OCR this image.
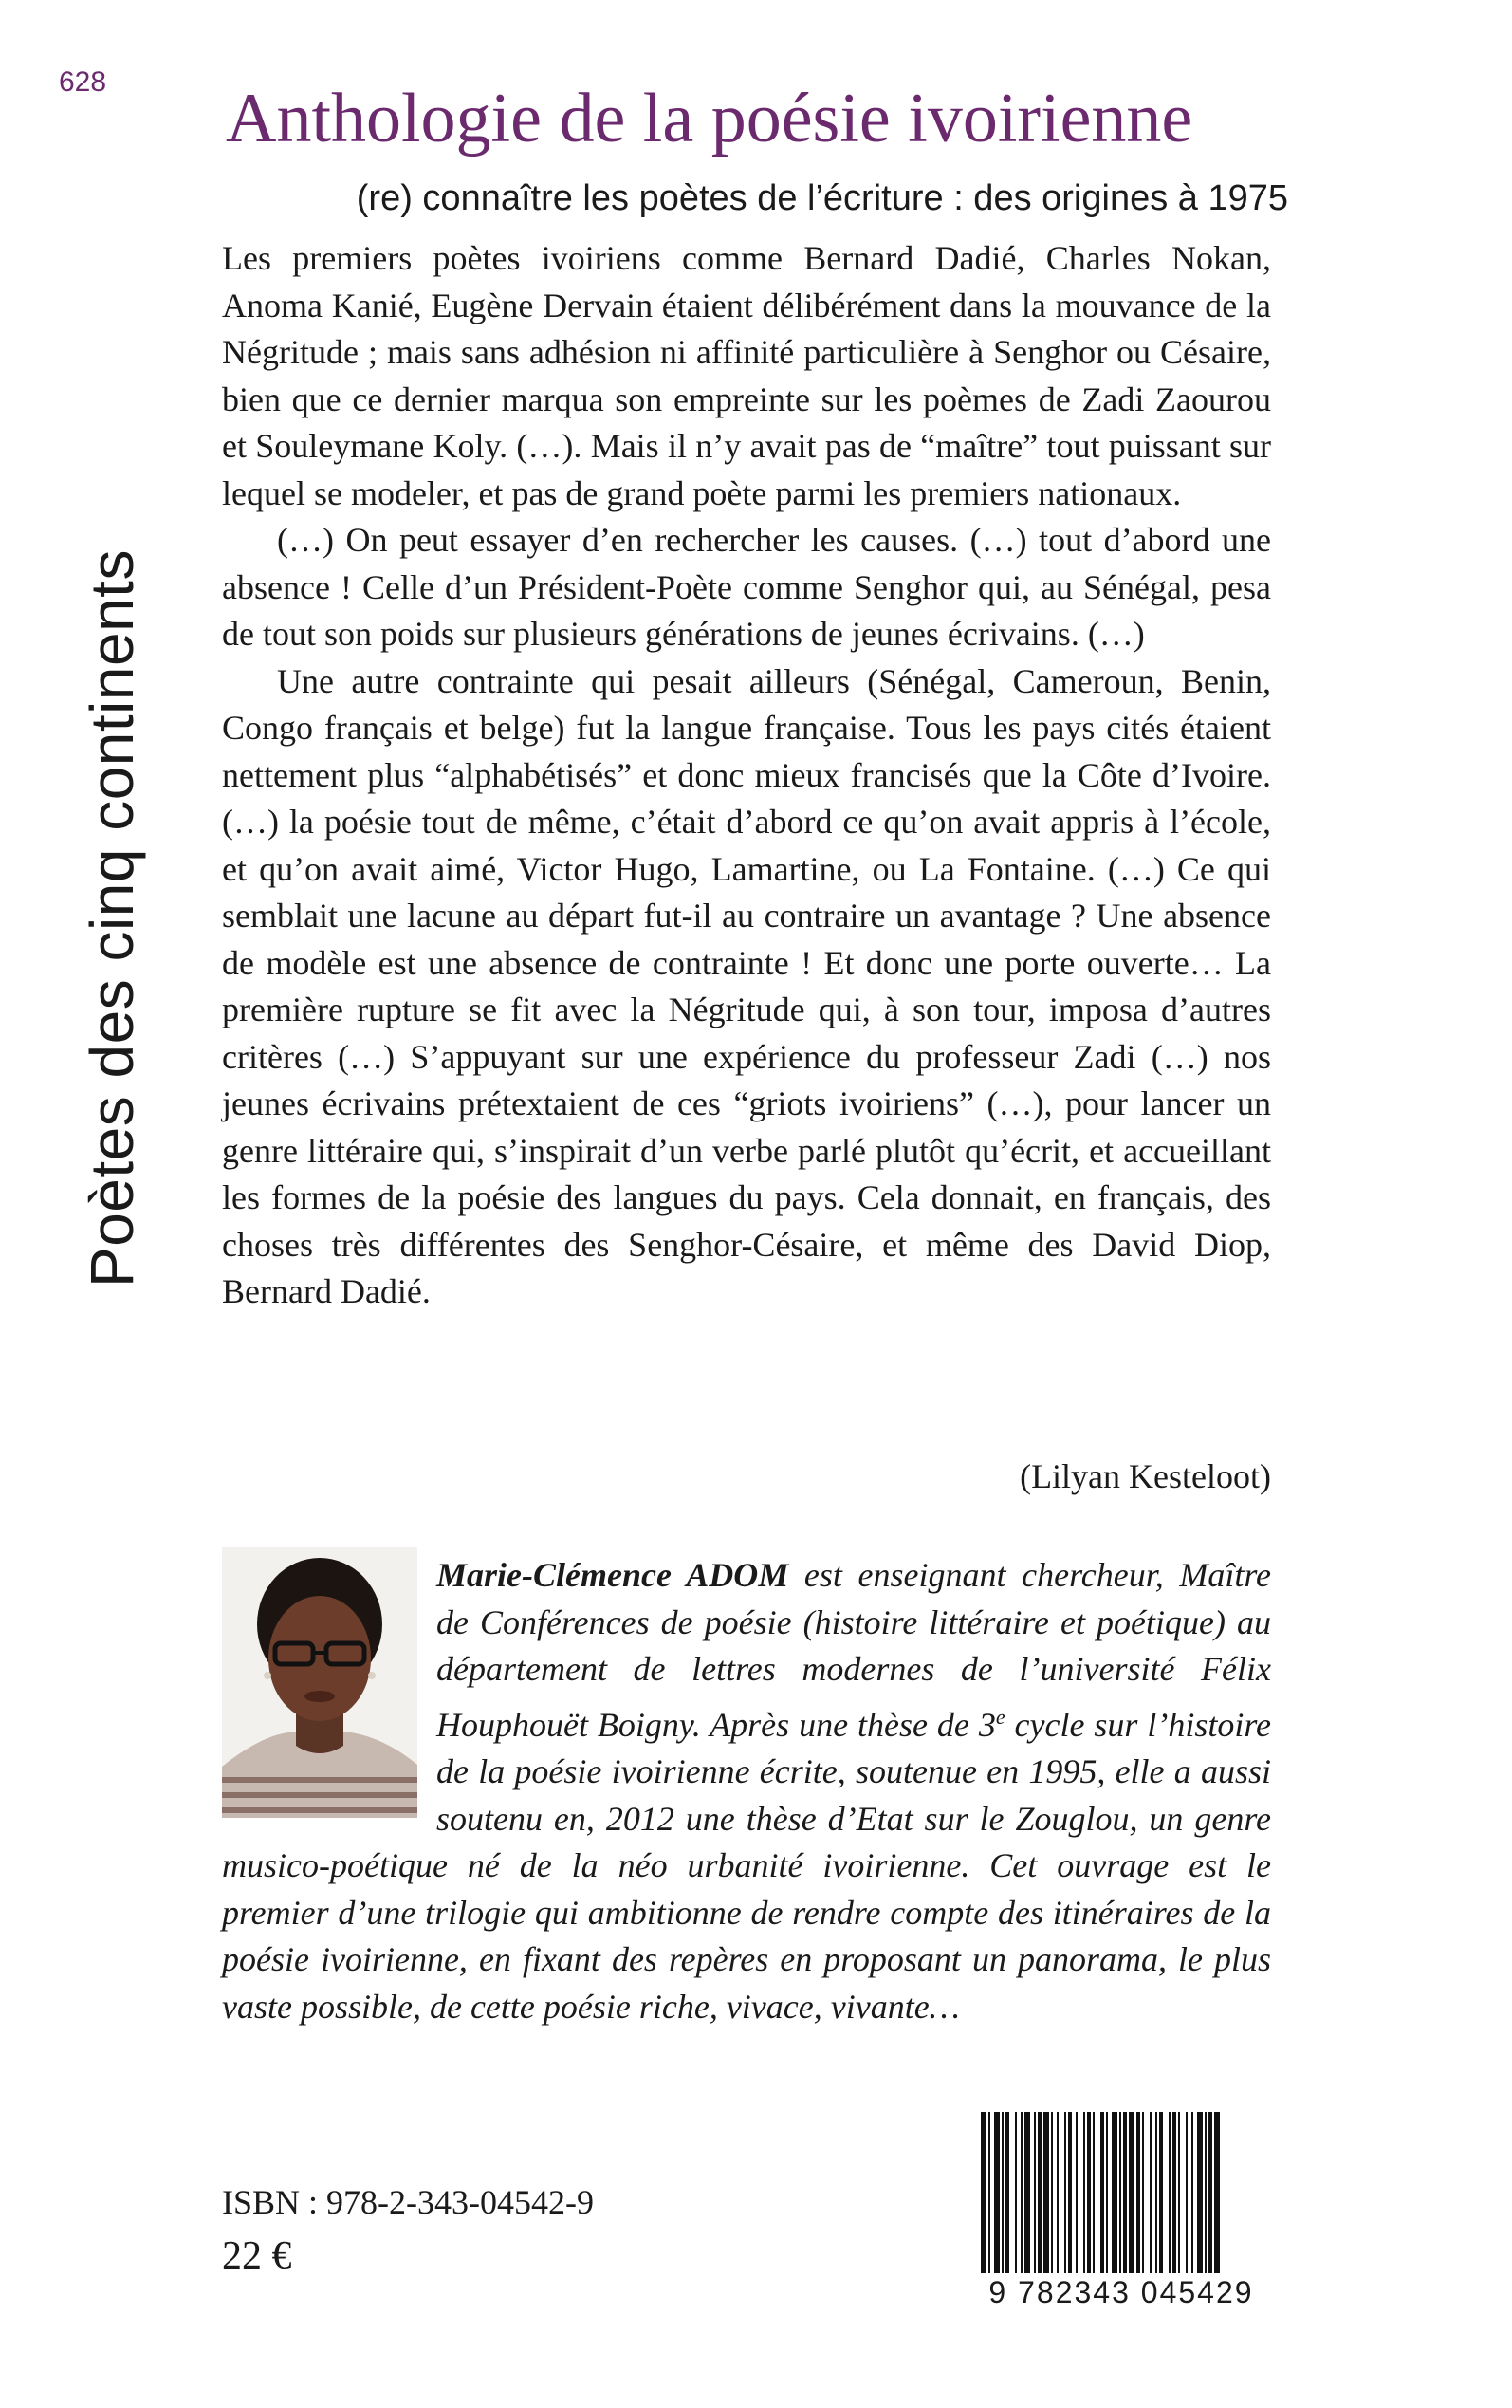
628
Poètes des cinq continents
Anthologie de la poésie ivoirienne
(re) connaître les poètes de l’écriture : des origines à 1975

Les premiers poètes ivoiriens comme Bernard Dadié, Charles Nokan, Anoma Kanié, Eugène Dervain étaient délibérément dans la mouvance de la Négritude ; mais sans adhésion ni affinité particulière à Senghor ou Césaire, bien que ce dernier marqua son empreinte sur les poèmes de Zadi Zaourou et Souleymane Koly. (…). Mais il n’y avait pas de “maître” tout puissant sur lequel se modeler, et pas de grand poète parmi les premiers nationaux.

(…) On peut essayer d’en rechercher les causes. (…) tout d’abord une absence ! Celle d’un Président-Poète comme Senghor qui, au Sénégal, pesa de tout son poids sur plusieurs générations de jeunes écrivains. (…)

Une autre contrainte qui pesait ailleurs (Sénégal, Cameroun, Benin, Congo français et belge) fut la langue française. Tous les pays cités étaient nettement plus “alphabétisés” et donc mieux francisés que la Côte d’Ivoire. (…) la poésie tout de même, c’était d’abord ce qu’on avait appris à l’école, et qu’on avait aimé, Victor Hugo, Lamartine, ou La Fontaine. (…) Ce qui semblait une lacune au départ fut-il au contraire un avantage ? Une absence de modèle est une absence de contrainte ! Et donc une porte ouverte… La première rupture se fit avec la Négritude qui, à son tour, imposa d’autres critères (…) S’appuyant sur une expérience du professeur Zadi (…) nos jeunes écrivains prétextaient de ces “griots ivoiriens” (…), pour lancer un genre littéraire qui, s’inspirait d’un verbe parlé plutôt qu’écrit, et accueillant les formes de la poésie des langues du pays. Cela donnait, en français, des choses très différentes des Senghor-Césaire, et même des David Diop, Bernard Dadié.

(Lilyan Kesteloot)
Marie-Clémence ADOM est enseignant chercheur, Maître de Conférences de poésie (histoire littéraire et poétique) au département de lettres modernes de l’université Félix Houphouët Boigny. Après une thèse de 3e cycle sur l’histoire de la poésie ivoirienne écrite, soutenue en 1995, elle a aussi soutenu en, 2012 une thèse d’Etat sur le Zouglou, un genre musico-poétique né de la néo urbanité ivoirienne. Cet ouvrage est le premier d’une trilogie qui ambitionne de rendre compte des itinéraires de la poésie ivoirienne, en fixant des repères en proposant un panorama, le plus vaste possible, de cette poésie riche, vivace, vivante…
ISBN : 978-2-343-04542-9
22 €
9 782343 045429
